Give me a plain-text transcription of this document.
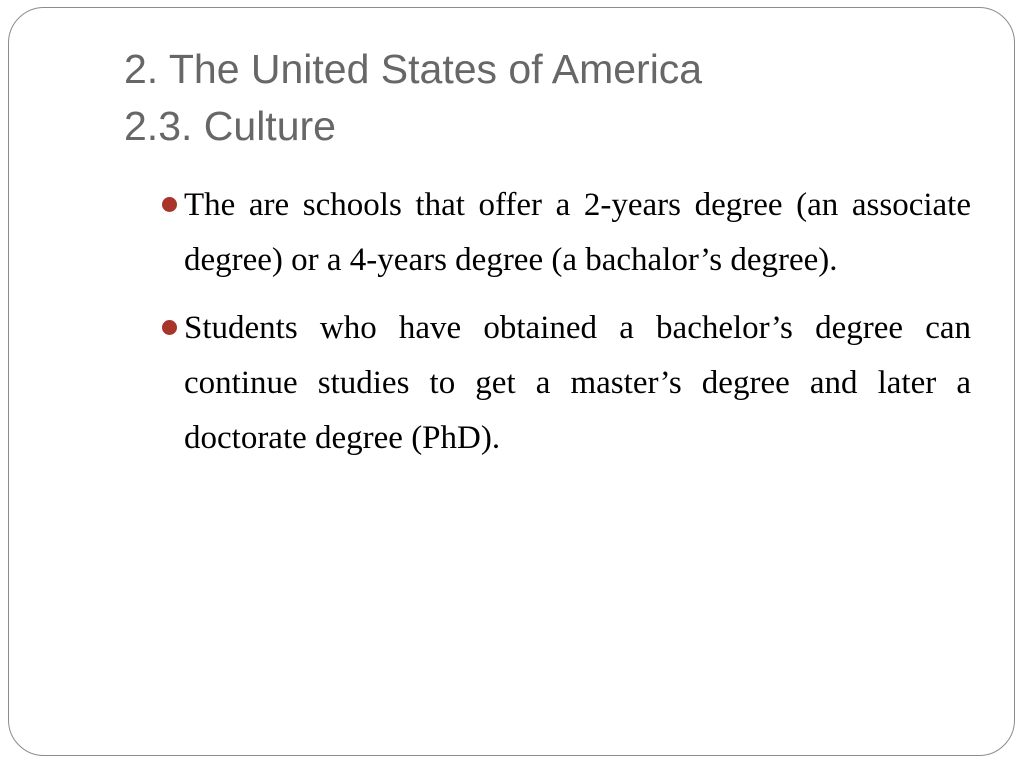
2. The United States of America
2.3. Culture
The are schools that offer a 2-years degree (an associate degree) or a 4-years degree (a bachalor’s degree).
Students who have obtained a bachelor’s degree can continue studies to get a master’s degree and later a doctorate degree (PhD).
